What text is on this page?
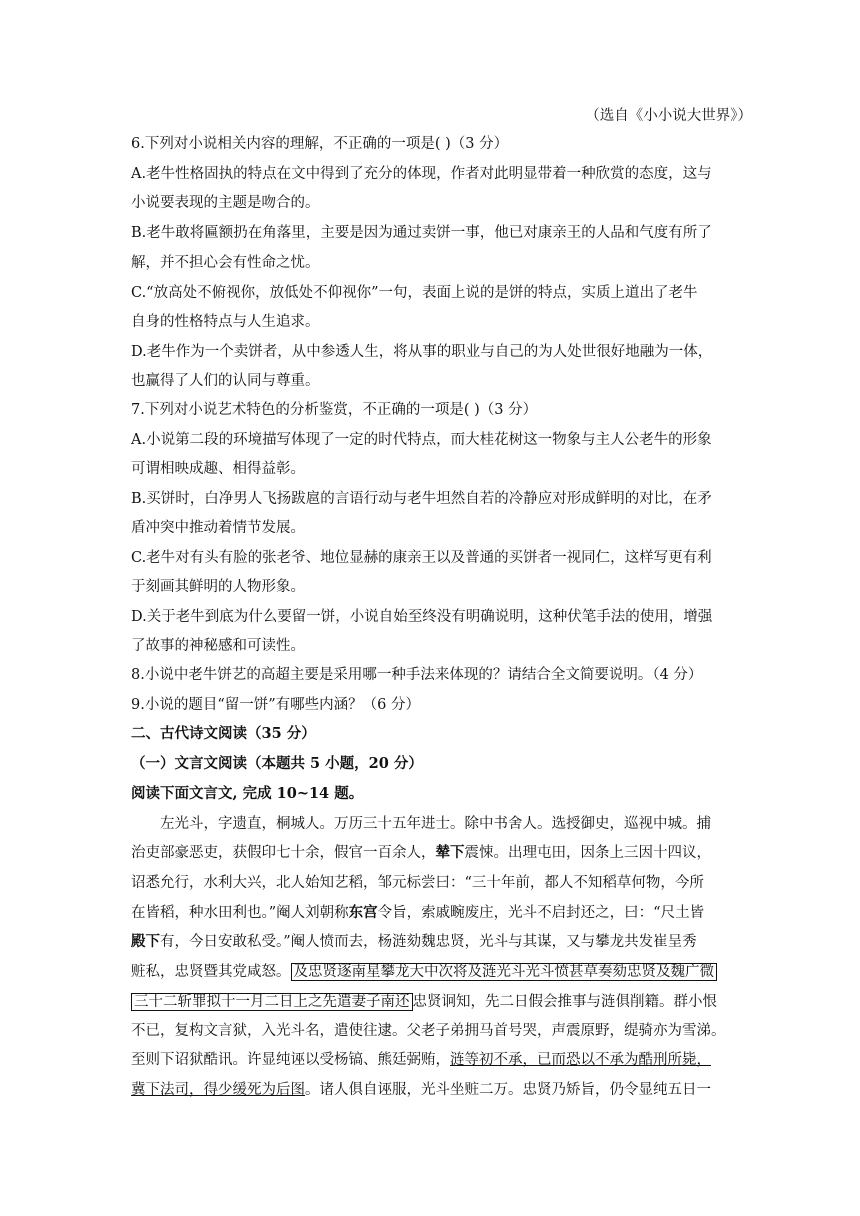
（选自《小小说大世界》）
6.下列对小说相关内容的理解，不正确的一项是( )（3 分）
A.老牛性格固执的特点在文中得到了充分的体现，作者对此明显带着一种欣赏的态度，这与
小说要表现的主题是吻合的。
B.老牛敢将匾额扔在角落里，主要是因为通过卖饼一事，他已对康亲王的人品和气度有所了
解，并不担心会有性命之忧。
C.“放高处不俯视你，放低处不仰视你”一句，表面上说的是饼的特点，实质上道出了老牛
自身的性格特点与人生追求。
D.老牛作为一个卖饼者，从中参透人生，将从事的职业与自己的为人处世很好地融为一体，
也赢得了人们的认同与尊重。
7.下列对小说艺术特色的分析鉴赏，不正确的一项是( )（3 分）
A.小说第二段的环境描写体现了一定的时代特点，而大桂花树这一物象与主人公老牛的形象
可谓相映成趣、相得益彰。
B.买饼时，白净男人飞扬跋扈的言语行动与老牛坦然自若的冷静应对形成鲜明的对比，在矛
盾冲突中推动着情节发展。
C.老牛对有头有脸的张老爷、地位显赫的康亲王以及普通的买饼者一视同仁，这样写更有利
于刻画其鲜明的人物形象。
D.关于老牛到底为什么要留一饼，小说自始至终没有明确说明，这种伏笔手法的使用，增强
了故事的神秘感和可读性。
8.小说中老牛饼艺的高超主要是采用哪一种手法来体现的？请结合全文简要说明。（4 分）
9.小说的题目“留一饼”有哪些内涵？（6 分）
二、古代诗文阅读（35 分）
（一）文言文阅读（本题共 5 小题，20 分）
阅读下面文言文, 完成 10~14 题。
左光斗，字遗直，桐城人。万历三十五年进士。除中书舍人。选授御史，巡视中城。捕
治吏部豪恶吏，获假印七十余，假官一百余人，辇下震悚。出理屯田，因条上三因十四议，
诏悉允行，水利大兴，北人始知艺稻，邹元标尝曰：“三十年前，都人不知稻草何物，今所
在皆稻，种水田利也。”阉人刘朝称东宫令旨，索戚畹废庄，光斗不启封还之，曰：“尺土皆
殿下有，今日安敢私受。”阉人愤而去，杨涟劾魏忠贤，光斗与其谋，又与攀龙共发崔呈秀
赃私，忠贤暨其党咸怒。 及忠贤逐南星攀龙大中次将及涟光斗光斗愤甚草奏劾忠贤及魏广微
三十二斩罪拟十一月二日上之先遣妻子南还 忠贤诇知，先二日假会推事与涟俱削籍。群小恨
不已，复构文言狱，入光斗名，遣使往逮。父老子弟拥马首号哭，声震原野，缇骑亦为雪涕。
至则下诏狱酷讯。许显纯诬以受杨镐、熊廷弼贿，涟等初不承，已而恐以不承为酷刑所毙，
冀下法司，得少缓死为后图。诸人俱自诬服，光斗坐赃二万。忠贤乃矫旨，仍令显纯五日一
